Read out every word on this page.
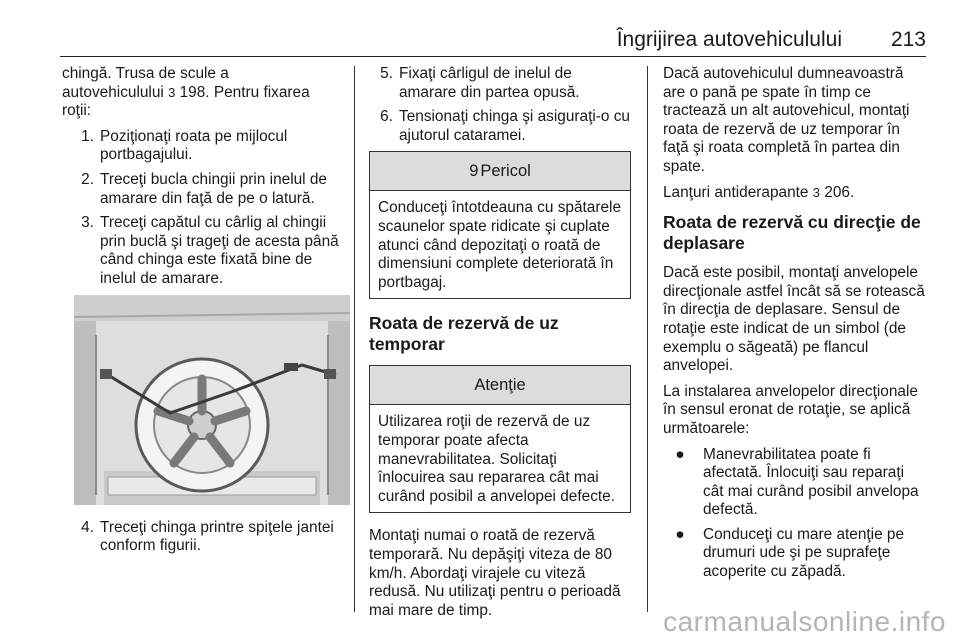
Îngrijirea autovehiculului 213

chingă. Trusa de scule a
autovehiculului 3 198. Pentru fixarea roţii:

1. Poziţionaţi roata pe mijlocul portbagajului.
2. Treceţi bucla chingii prin inelul de amarare din faţă de pe o latură.
3. Treceţi capătul cu cârlig al chingii prin buclă şi trageţi de acesta până când chinga este fixată bine de inelul de amarare.
4. Treceţi chinga printre spiţele jantei conform figurii.
5. Fixaţi cârligul de inelul de amarare din partea opusă.
6. Tensionaţi chinga şi asiguraţi-o cu ajutorul cataramei.
9 Pericol
Conduceţi întotdeauna cu spătarele scaunelor spate ridicate şi cuplate atunci când depozitaţi o roată de dimensiuni complete deteriorată în portbagaj.
Roata de rezervă de uz temporar
Atenţie
Utilizarea roţii de rezervă de uz temporar poate afecta manevrabilitatea. Solicitaţi înlocuirea sau repararea cât mai curând posibil a anvelopei defecte.

Montaţi numai o roată de rezervă temporară. Nu depăşiţi viteza de 80 km/h. Abordaţi virajele cu viteză redusă. Nu utilizaţi pentru o perioadă mai mare de timp.

Dacă autovehiculul dumneavoastră are o pană pe spate în timp ce tractează un alt autovehicul, montaţi roata de rezervă de uz temporar în faţă şi roata completă în partea din spate.

Lanţuri antiderapante 3 206.

Roata de rezervă cu direcţie de deplasare

Dacă este posibil, montaţi anvelopele direcţionale astfel încât să se rotească în direcţia de deplasare. Sensul de rotaţie este indicat de un simbol (de exemplu o săgeată) pe flancul anvelopei.

La instalarea anvelopelor direcţionale în sensul eronat de rotaţie, se aplică următoarele:

●	Manevrabilitatea poate fi afectată. Înlocuiţi sau reparaţi cât mai curând posibil anvelopa defectă.
●	Conduceţi cu mare atenţie pe drumuri ude şi pe suprafeţe acoperite cu zăpadă.
carmanualsonline.info
